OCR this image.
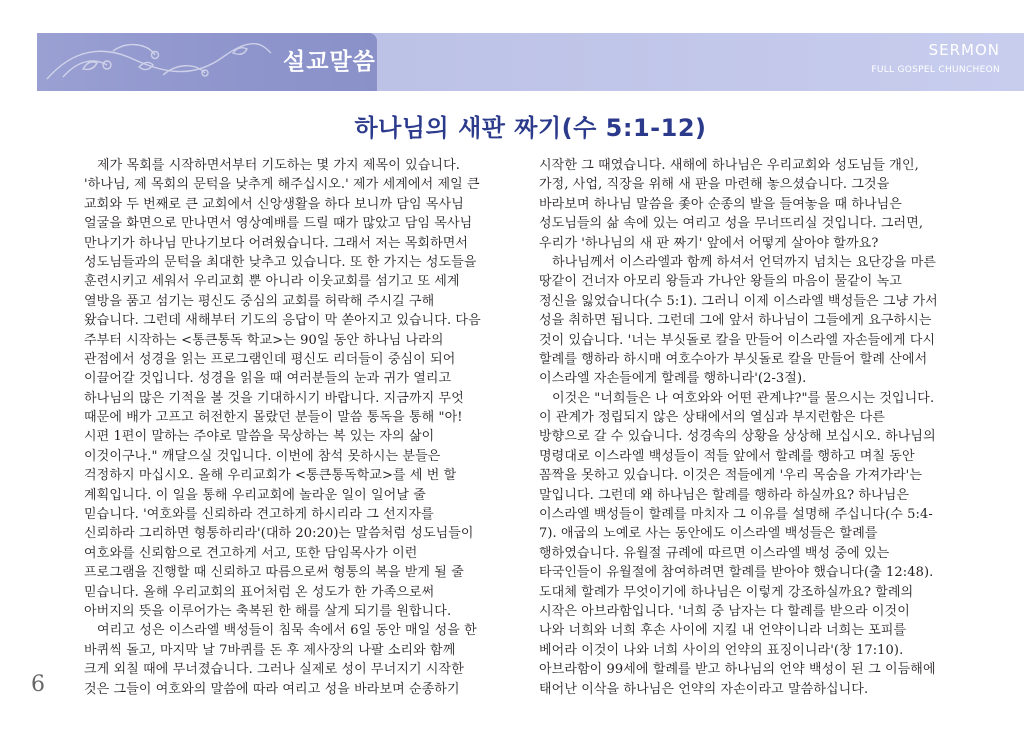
설교말씀	SERMON
FULL GOSPEL CHUNCHEON
하나님의 새판 짜기(수 5:1-12)
제가 목회를 시작하면서부터 기도하는 몇 가지 제목이 있습니다.
'하나님, 제 목회의 문턱을 낮추게 해주십시오.' 제가 세계에서 제일 큰
교회와 두 번째로 큰 교회에서 신앙생활을 하다 보니까 담임 목사님
얼굴을 화면으로 만나면서 영상예배를 드릴 때가 많았고 담임 목사님
만나기가 하나님 만나기보다 어려웠습니다. 그래서 저는 목회하면서
성도님들과의 문턱을 최대한 낮추고 있습니다. 또 한 가지는 성도들을
훈련시키고 세워서 우리교회 뿐 아니라 이웃교회를 섬기고 또 세계
열방을 품고 섬기는 평신도 중심의 교회를 허락해 주시길 구해
왔습니다. 그런데 새해부터 기도의 응답이 막 쏟아지고 있습니다. 다음
주부터 시작하는 <통큰통독 학교>는 90일 동안 하나님 나라의
관점에서 성경을 읽는 프로그램인데 평신도 리더들이 중심이 되어
이끌어갈 것입니다. 성경을 읽을 때 여러분들의 눈과 귀가 열리고
하나님의 많은 기적을 볼 것을 기대하시기 바랍니다. 지금까지 무엇
때문에 배가 고프고 허전한지 몰랐던 분들이 말씀 통독을 통해 "아!
시편 1편이 말하는 주야로 말씀을 묵상하는 복 있는 자의 삶이
이것이구나." 깨달으실 것입니다. 이번에 참석 못하시는 분들은
걱정하지 마십시오. 올해 우리교회가 <통큰통독학교>를 세 번 할
계획입니다. 이 일을 통해 우리교회에 놀라운 일이 일어날 줄
믿습니다. '여호와를 신뢰하라 견고하게 하시리라 그 선지자를
신뢰하라 그리하면 형통하리라'(대하 20:20)는 말씀처럼 성도님들이
여호와를 신뢰함으로 견고하게 서고, 또한 담임목사가 이런
프로그램을 진행할 때 신뢰하고 따름으로써 형통의 복을 받게 될 줄
믿습니다. 올해 우리교회의 표어처럼 온 성도가 한 가족으로써
아버지의 뜻을 이루어가는 축복된 한 해를 살게 되기를 원합니다.
여리고 성은 이스라엘 백성들이 침묵 속에서 6일 동안 매일 성을 한
바퀴씩 돌고, 마지막 날 7바퀴를 돈 후 제사장의 나팔 소리와 함께
크게 외칠 때에 무너졌습니다. 그러나 실제로 성이 무너지기 시작한
것은 그들이 여호와의 말씀에 따라 여리고 성을 바라보며 순종하기
시작한 그 때였습니다. 새해에 하나님은 우리교회와 성도님들 개인,
가정, 사업, 직장을 위해 새 판을 마련해 놓으셨습니다. 그것을
바라보며 하나님 말씀을 좇아 순종의 발을 들여놓을 때 하나님은
성도님들의 삶 속에 있는 여리고 성을 무너뜨리실 것입니다. 그러면,
우리가 '하나님의 새 판 짜기' 앞에서 어떻게 살아야 할까요?
하나님께서 이스라엘과 함께 하셔서 언덕까지 넘치는 요단강을 마른
땅같이 건너자 아모리 왕들과 가나안 왕들의 마음이 물같이 녹고
정신을 잃었습니다(수 5:1). 그러니 이제 이스라엘 백성들은 그냥 가서
성을 취하면 됩니다. 그런데 그에 앞서 하나님이 그들에게 요구하시는
것이 있습니다. '너는 부싯돌로 칼을 만들어 이스라엘 자손들에게 다시
할례를 행하라 하시매 여호수아가 부싯돌로 칼을 만들어 할례 산에서
이스라엘 자손들에게 할례를 행하니라'(2-3절).
이것은 "너희들은 나 여호와와 어떤 관계냐?"를 물으시는 것입니다.
이 관계가 정립되지 않은 상태에서의 열심과 부지런함은 다른
방향으로 갈 수 있습니다. 성경속의 상황을 상상해 보십시오. 하나님의
명령대로 이스라엘 백성들이 적들 앞에서 할례를 행하고 며칠 동안
꼼짝을 못하고 있습니다. 이것은 적들에게 '우리 목숨을 가져가라'는
말입니다. 그런데 왜 하나님은 할례를 행하라 하실까요? 하나님은
이스라엘 백성들이 할례를 마치자 그 이유를 설명해 주십니다(수 5:4-
7). 애굽의 노예로 사는 동안에도 이스라엘 백성들은 할례를
행하였습니다. 유월절 규례에 따르면 이스라엘 백성 중에 있는
타국인들이 유월절에 참여하려면 할례를 받아야 했습니다(출 12:48).
도대체 할례가 무엇이기에 하나님은 이렇게 강조하실까요? 할례의
시작은 아브라함입니다. '너희 중 남자는 다 할례를 받으라 이것이
나와 너희와 너희 후손 사이에 지킬 내 언약이니라 너희는 포피를
베어라 이것이 나와 너희 사이의 언약의 표징이니라'(창 17:10).
아브라함이 99세에 할례를 받고 하나님의 언약 백성이 된 그 이듬해에
태어난 이삭을 하나님은 언약의 자손이라고 말씀하십니다.
6
